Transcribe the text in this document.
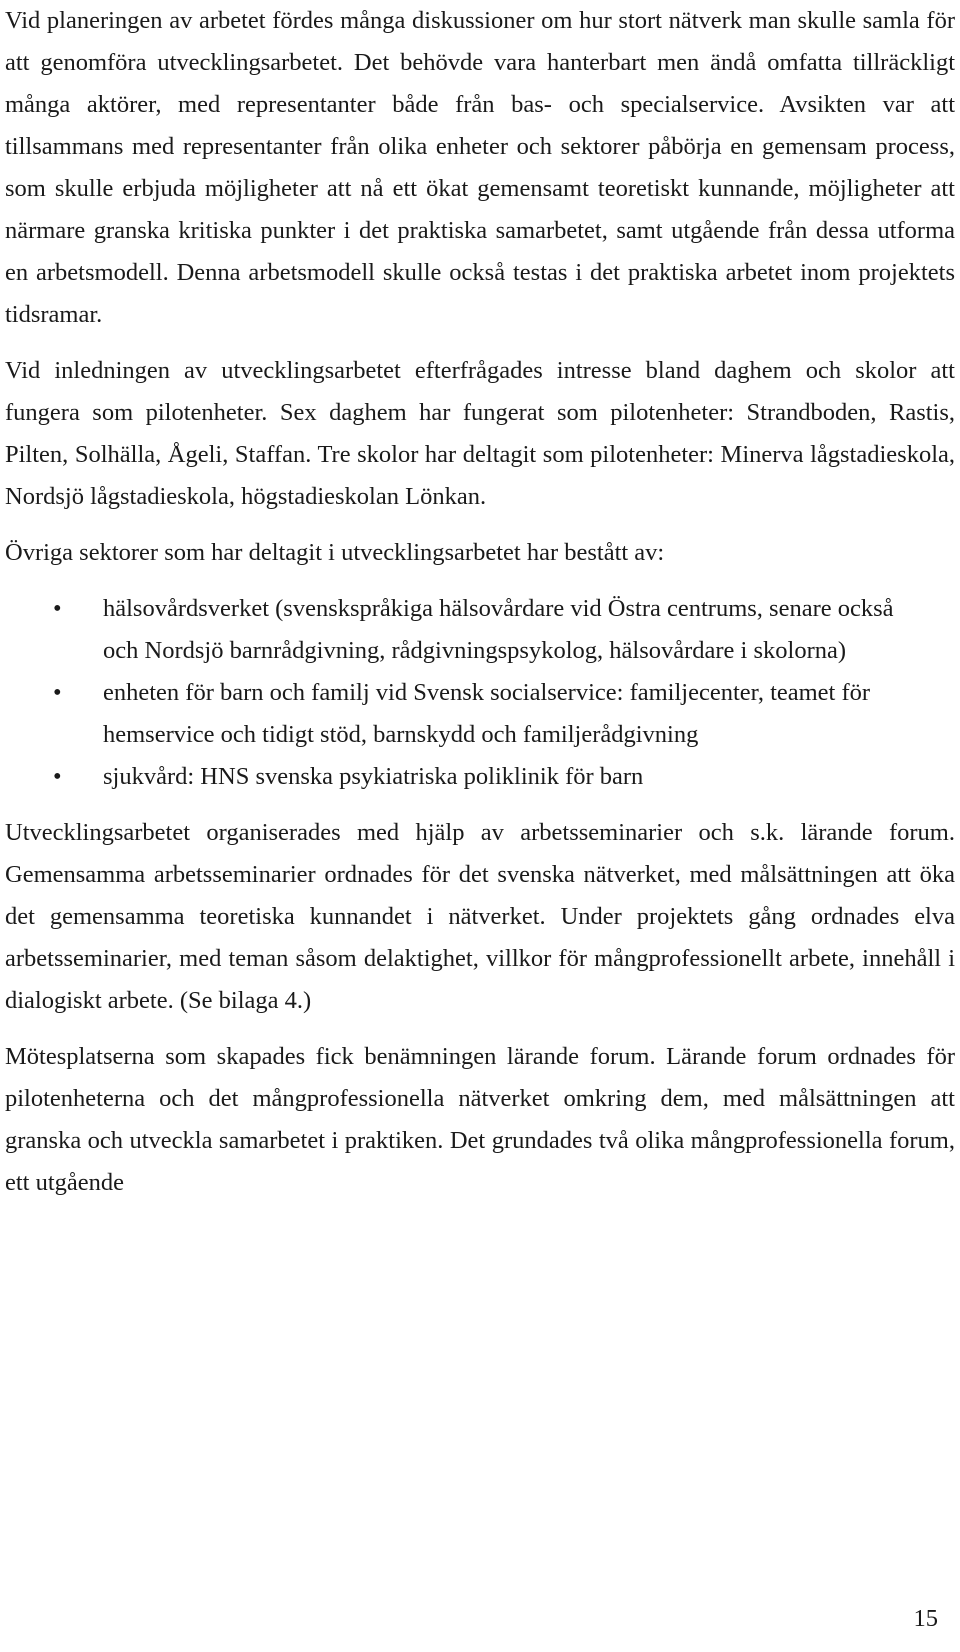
Vid planeringen av arbetet fördes många diskussioner om hur stort nätverk man skulle samla för att genomföra utvecklingsarbetet. Det behövde vara hanterbart men ändå omfatta tillräckligt många aktörer, med representanter både från bas- och specialservice. Avsikten var att tillsammans med representanter från olika enheter och sektorer påbörja en gemensam process, som skulle erbjuda möjligheter att nå ett ökat gemensamt teoretiskt kunnande, möjligheter att närmare granska kritiska punkter i det praktiska samarbetet, samt utgående från dessa utforma en arbetsmodell. Denna arbetsmodell skulle också testas i det praktiska arbetet inom projektets tidsramar.

Vid inledningen av utvecklingsarbetet efterfrågades intresse bland daghem och skolor att fungera som pilotenheter. Sex daghem har fungerat som pilotenheter: Strandboden, Rastis, Pilten, Solhälla, Ågeli, Staffan. Tre skolor har deltagit som pilotenheter: Minerva lågstadieskola, Nordsjö lågstadieskola, högstadieskolan Lönkan.

Övriga sektorer som har deltagit i utvecklingsarbetet har bestått av:

•	hälsovårdsverket (svenskspråkiga hälsovårdare vid Östra centrums, senare också och Nordsjö barnrådgivning, rådgivningspsykolog, hälsovårdare i skolorna)
•	enheten för barn och familj vid Svensk socialservice: familjecenter, teamet för hemservice och tidigt stöd, barnskydd och familjerådgivning
•	sjukvård: HNS svenska psykiatriska poliklinik för barn

Utvecklingsarbetet organiserades med hjälp av arbetsseminarier och s.k. lärande forum. Gemensamma arbetsseminarier ordnades för det svenska nätverket, med målsättningen att öka det gemensamma teoretiska kunnandet i nätverket. Under projektets gång ordnades elva arbetsseminarier, med teman såsom delaktighet, villkor för mångprofessionellt arbete, innehåll i dialogiskt arbete. (Se bilaga 4.)

Mötesplatserna som skapades fick benämningen lärande forum. Lärande forum ordnades för pilotenheterna och det mångprofessionella nätverket omkring dem, med målsättningen att granska och utveckla samarbetet i praktiken. Det grundades två olika mångprofessionella forum, ett utgående

15
